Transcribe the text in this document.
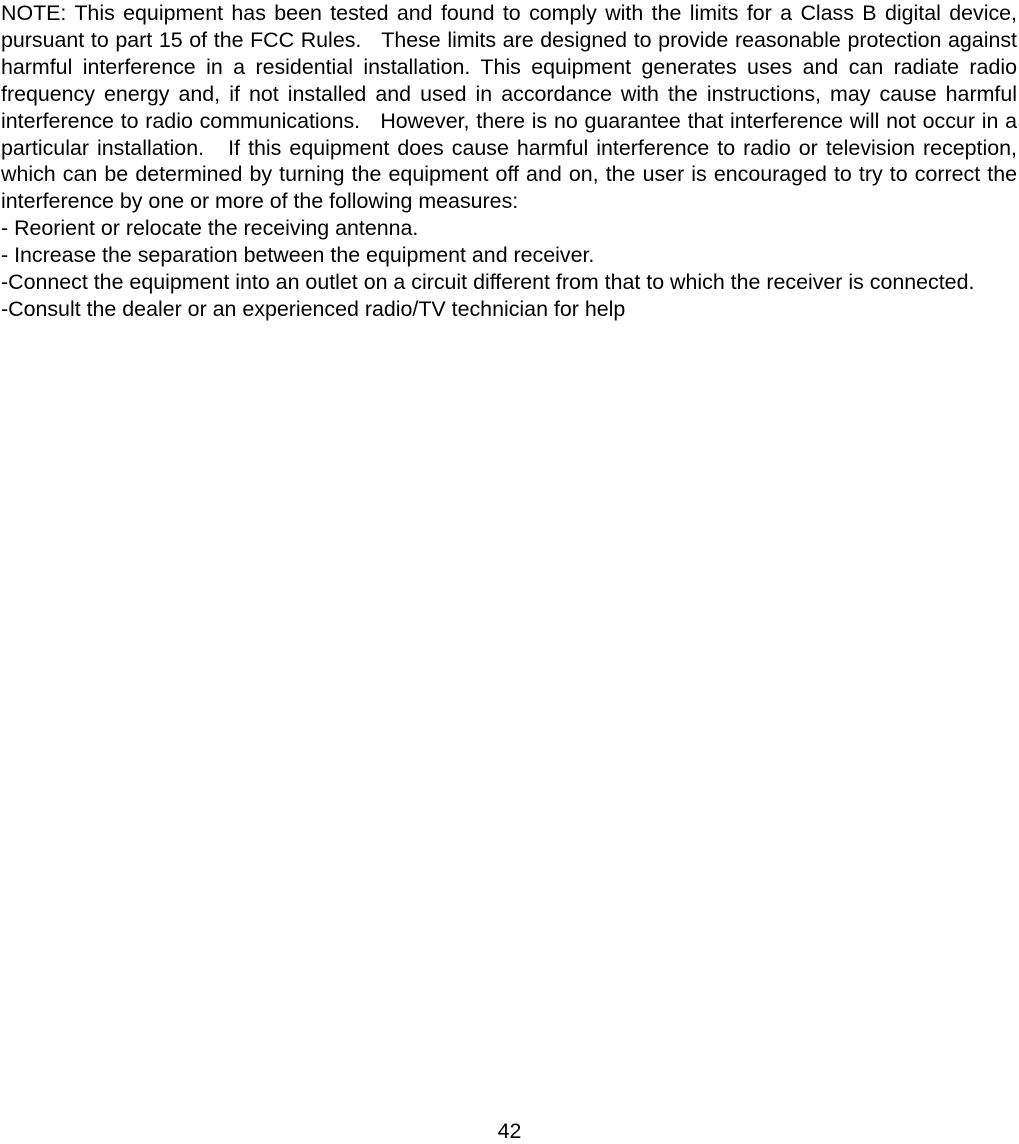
NOTE: This equipment has been tested and found to comply with the limits for a Class B digital device, pursuant to part 15 of the FCC Rules.   These limits are designed to provide reasonable protection against harmful interference in a residential installation. This equipment generates uses and can radiate radio frequency energy and, if not installed and used in accordance with the instructions, may cause harmful interference to radio communications.   However, there is no guarantee that interference will not occur in a particular installation.   If this equipment does cause harmful interference to radio or television reception, which can be determined by turning the equipment off and on, the user is encouraged to try to correct the interference by one or more of the following measures:

- Reorient or relocate the receiving antenna.

- Increase the separation between the equipment and receiver.

-Connect the equipment into an outlet on a circuit different from that to which the receiver is connected.

-Consult the dealer or an experienced radio/TV technician for help

42
